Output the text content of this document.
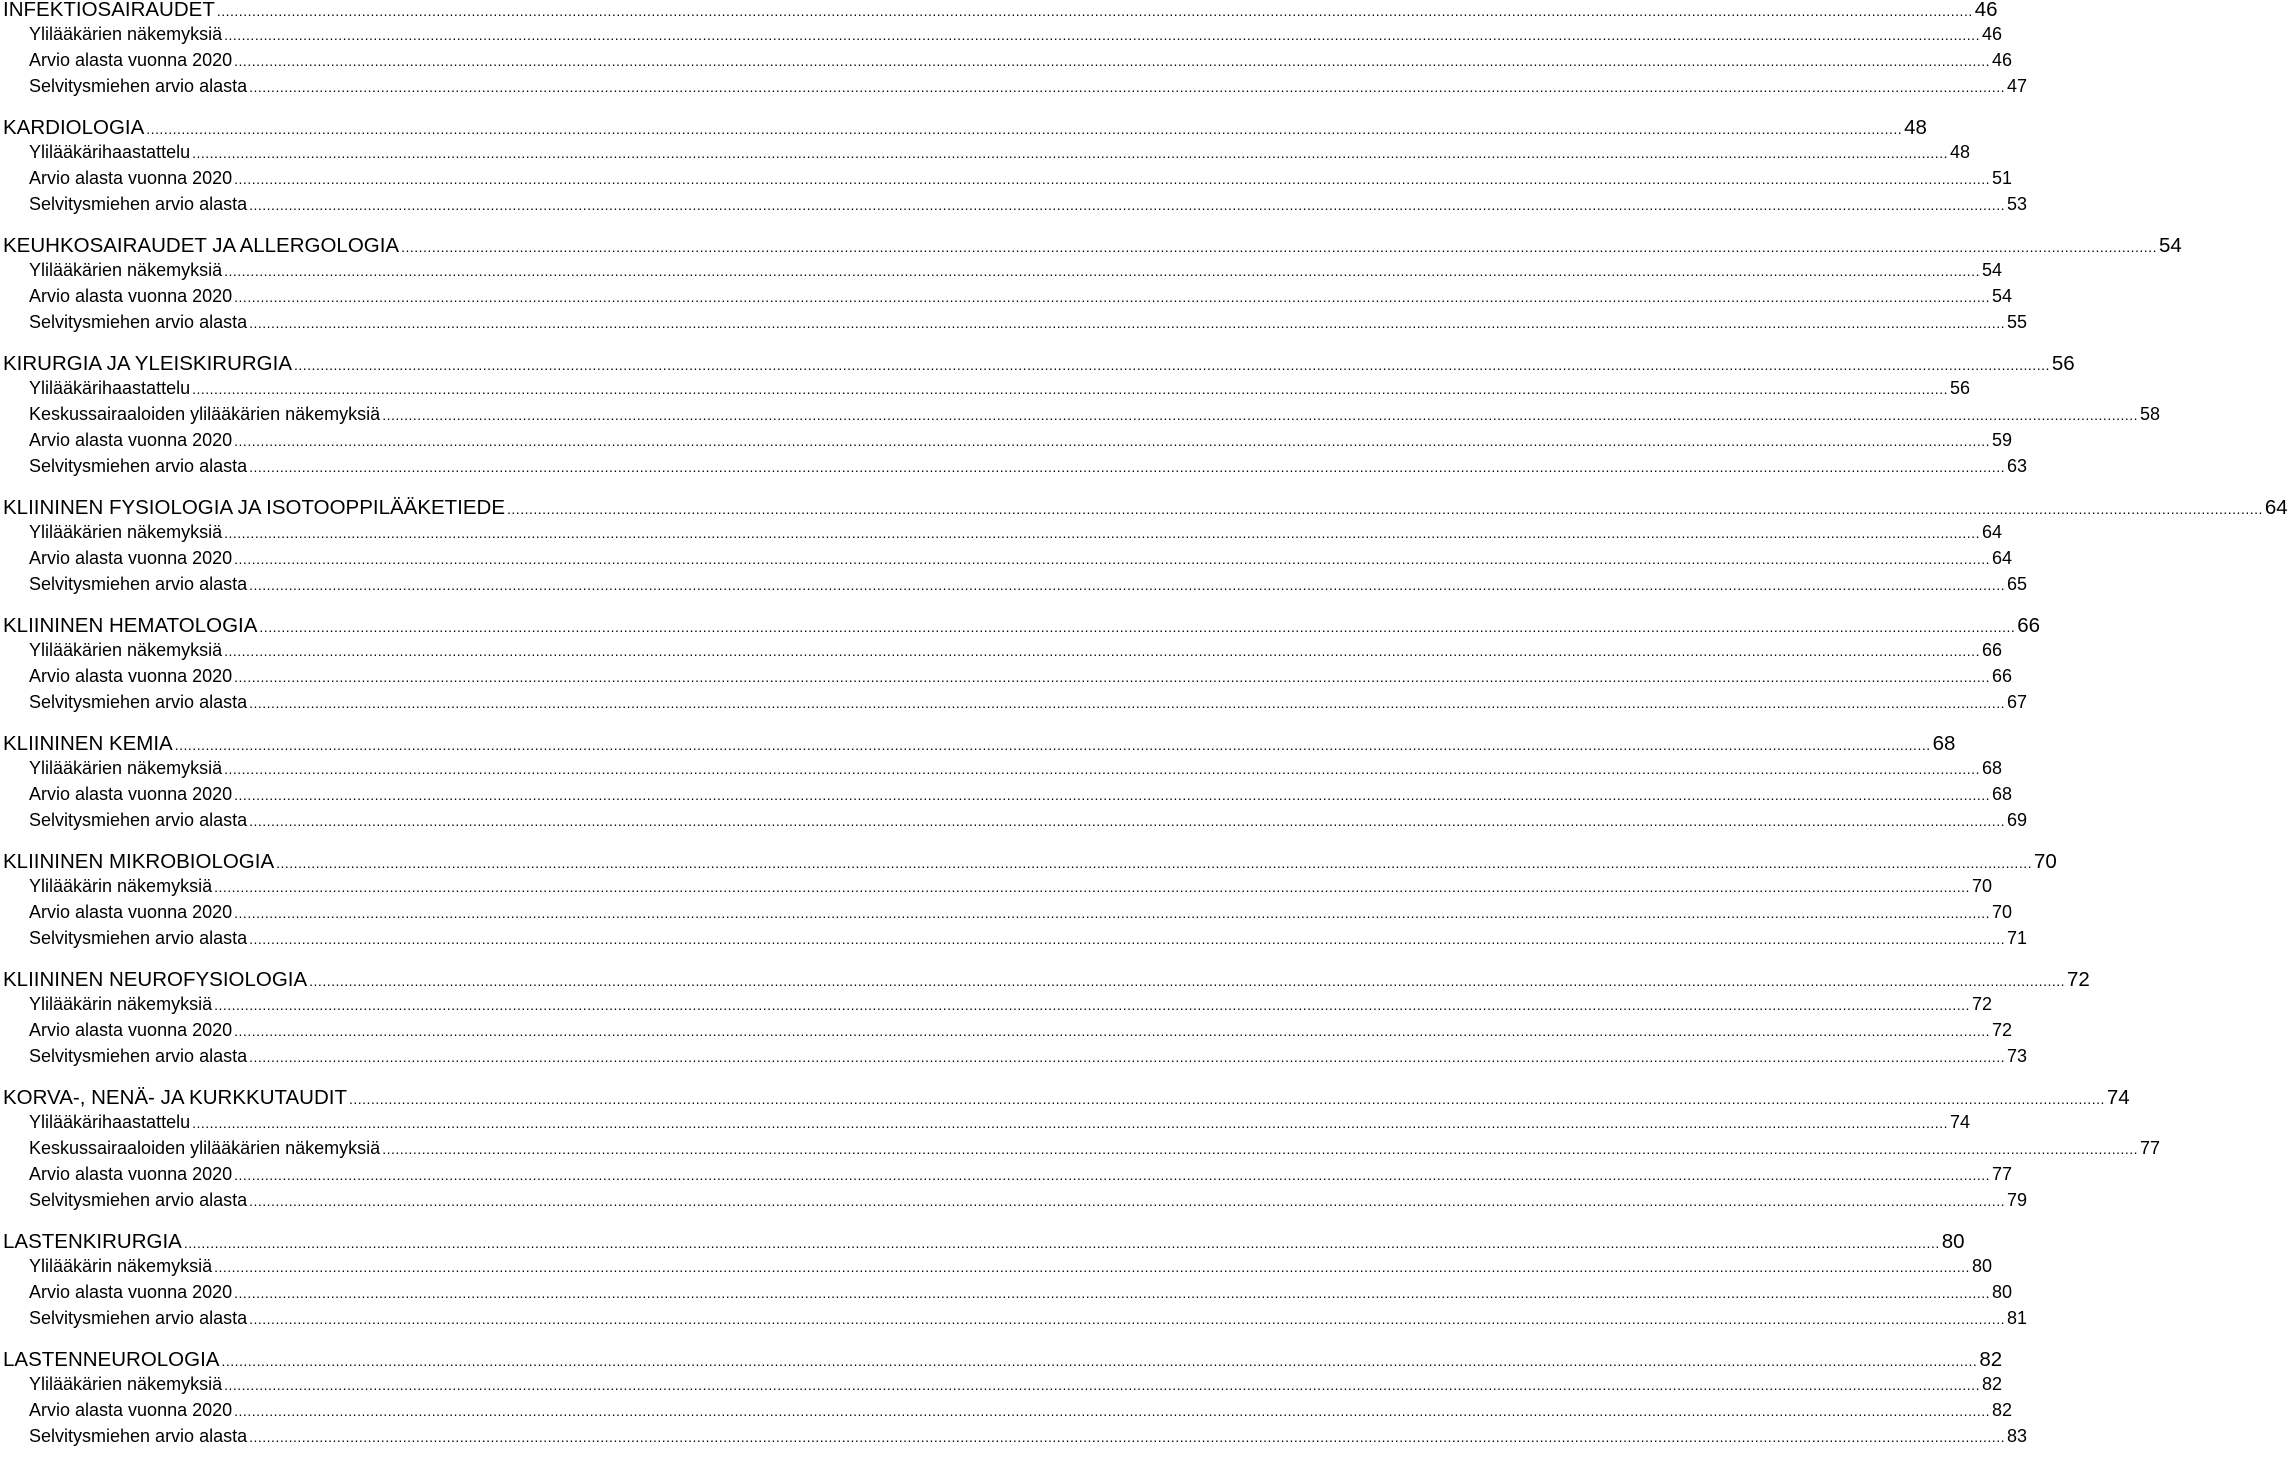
INFEKTIOSAIRAUDET ................................................................................................................................................................................................................................................................................................................................................................................................................ 46
Ylilääkärien näkemyksiä ................................................................................................................................................................................................................................................................................................................................................................................................................ 46
Arvio alasta vuonna 2020 ................................................................................................................................................................................................................................................................................................................................................................................................................ 46
Selvitysmiehen arvio alasta ................................................................................................................................................................................................................................................................................................................................................................................................................ 47
KARDIOLOGIA ................................................................................................................................................................................................................................................................................................................................................................................................................ 48
Ylilääkärihaastattelu ................................................................................................................................................................................................................................................................................................................................................................................................................ 48
Arvio alasta vuonna 2020 ................................................................................................................................................................................................................................................................................................................................................................................................................ 51
Selvitysmiehen arvio alasta ................................................................................................................................................................................................................................................................................................................................................................................................................ 53
KEUHKOSAIRAUDET JA ALLERGOLOGIA ................................................................................................................................................................................................................................................................................................................................................................................................................ 54
Ylilääkärien näkemyksiä ................................................................................................................................................................................................................................................................................................................................................................................................................ 54
Arvio alasta vuonna 2020 ................................................................................................................................................................................................................................................................................................................................................................................................................ 54
Selvitysmiehen arvio alasta ................................................................................................................................................................................................................................................................................................................................................................................................................ 55
KIRURGIA JA YLEISKIRURGIA ................................................................................................................................................................................................................................................................................................................................................................................................................ 56
Ylilääkärihaastattelu ................................................................................................................................................................................................................................................................................................................................................................................................................ 56
Keskussairaaloiden ylilääkärien näkemyksiä ................................................................................................................................................................................................................................................................................................................................................................................................................ 58
Arvio alasta vuonna 2020 ................................................................................................................................................................................................................................................................................................................................................................................................................ 59
Selvitysmiehen arvio alasta ................................................................................................................................................................................................................................................................................................................................................................................................................ 63
KLIININEN FYSIOLOGIA JA ISOTOOPPILÄÄKETIEDE ................................................................................................................................................................................................................................................................................................................................................................................................................ 64
Ylilääkärien näkemyksiä ................................................................................................................................................................................................................................................................................................................................................................................................................ 64
Arvio alasta vuonna 2020 ................................................................................................................................................................................................................................................................................................................................................................................................................ 64
Selvitysmiehen arvio alasta ................................................................................................................................................................................................................................................................................................................................................................................................................ 65
KLIININEN HEMATOLOGIA ................................................................................................................................................................................................................................................................................................................................................................................................................ 66
Ylilääkärien näkemyksiä ................................................................................................................................................................................................................................................................................................................................................................................................................ 66
Arvio alasta vuonna 2020 ................................................................................................................................................................................................................................................................................................................................................................................................................ 66
Selvitysmiehen arvio alasta ................................................................................................................................................................................................................................................................................................................................................................................................................ 67
KLIININEN KEMIA ................................................................................................................................................................................................................................................................................................................................................................................................................ 68
Ylilääkärien näkemyksiä ................................................................................................................................................................................................................................................................................................................................................................................................................ 68
Arvio alasta vuonna 2020 ................................................................................................................................................................................................................................................................................................................................................................................................................ 68
Selvitysmiehen arvio alasta ................................................................................................................................................................................................................................................................................................................................................................................................................ 69
KLIININEN MIKROBIOLOGIA ................................................................................................................................................................................................................................................................................................................................................................................................................ 70
Ylilääkärin näkemyksiä ................................................................................................................................................................................................................................................................................................................................................................................................................ 70
Arvio alasta vuonna 2020 ................................................................................................................................................................................................................................................................................................................................................................................................................ 70
Selvitysmiehen arvio alasta ................................................................................................................................................................................................................................................................................................................................................................................................................ 71
KLIININEN NEUROFYSIOLOGIA ................................................................................................................................................................................................................................................................................................................................................................................................................ 72
Ylilääkärin näkemyksiä ................................................................................................................................................................................................................................................................................................................................................................................................................ 72
Arvio alasta vuonna 2020 ................................................................................................................................................................................................................................................................................................................................................................................................................ 72
Selvitysmiehen arvio alasta ................................................................................................................................................................................................................................................................................................................................................................................................................ 73
KORVA-, NENÄ- JA KURKKUTAUDIT ................................................................................................................................................................................................................................................................................................................................................................................................................ 74
Ylilääkärihaastattelu ................................................................................................................................................................................................................................................................................................................................................................................................................ 74
Keskussairaaloiden ylilääkärien näkemyksiä ................................................................................................................................................................................................................................................................................................................................................................................................................ 77
Arvio alasta vuonna 2020 ................................................................................................................................................................................................................................................................................................................................................................................................................ 77
Selvitysmiehen arvio alasta ................................................................................................................................................................................................................................................................................................................................................................................................................ 79
LASTENKIRURGIA ................................................................................................................................................................................................................................................................................................................................................................................................................ 80
Ylilääkärin näkemyksiä ................................................................................................................................................................................................................................................................................................................................................................................................................ 80
Arvio alasta vuonna 2020 ................................................................................................................................................................................................................................................................................................................................................................................................................ 80
Selvitysmiehen arvio alasta ................................................................................................................................................................................................................................................................................................................................................................................................................ 81
LASTENNEUROLOGIA ................................................................................................................................................................................................................................................................................................................................................................................................................ 82
Ylilääkärien näkemyksiä ................................................................................................................................................................................................................................................................................................................................................................................................................ 82
Arvio alasta vuonna 2020 ................................................................................................................................................................................................................................................................................................................................................................................................................ 82
Selvitysmiehen arvio alasta ................................................................................................................................................................................................................................................................................................................................................................................................................ 83
